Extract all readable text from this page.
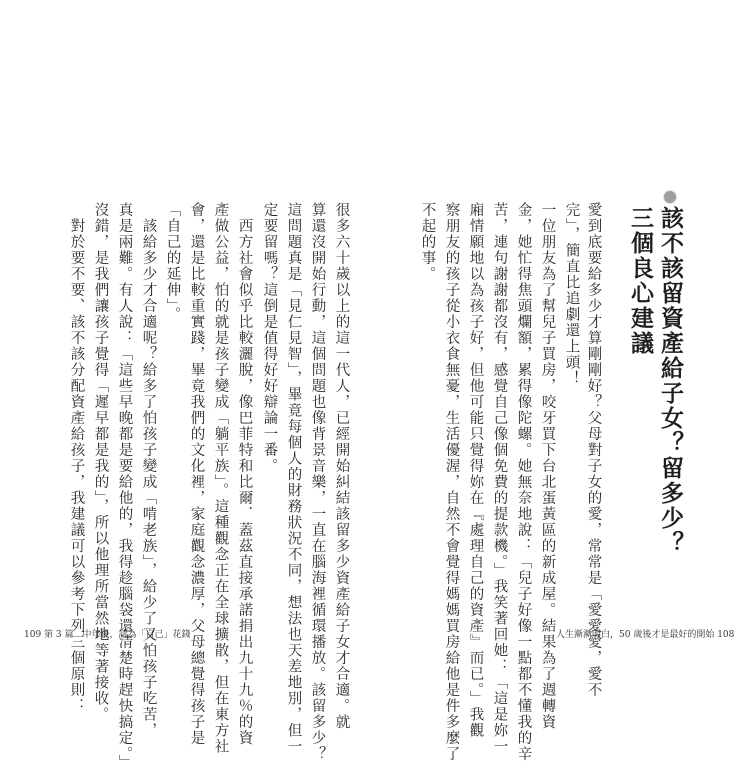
該不該留資產給子女？留多少？
三個良心建議
愛到底要給多少才算剛剛好？父母對子女的愛，常常是「愛愛愛，愛不
完」，簡直比追劇還上頭！
一位朋友為了幫兒子買房，咬牙買下台北蛋黃區的新成屋。結果為了週轉資
金，她忙得焦頭爛額，累得像陀螺。她無奈地說：「兒子好像一點都不懂我的辛
苦，連句謝謝都沒有，感覺自己像個免費的提款機。」我笑著回她：「這是妳一
廂情願地以為孩子好，但他可能只覺得妳在『處理自己的資產』而已。」我觀
察朋友的孩子從小衣食無憂，生活優渥，自然不會覺得媽媽買房給他是件多麼了
不起的事。
人生漸漸明白，50 歲後才是最好的開始 108
很多六十歲以上的這一代人，已經開始糾結該留多少資產給子女才合適。就
算還沒開始行動，這個問題也像背景音樂，一直在腦海裡循環播放。該留多少？
這問題真是「見仁見智」，畢竟每個人的財務狀況不同，想法也天差地別，但一
定要留嗎？這倒是值得好好辯論一番。
西方社會似乎比較灑脫，像巴菲特和比爾．蓋茲直接承諾捐出九十九％的資
產做公益，怕的就是孩子變成「躺平族」。這種觀念正在全球擴散，但在東方社
會，還是比較重實踐，畢竟我們的文化裡，家庭觀念濃厚，父母總覺得孩子是
「自己的延伸」。
該給多少才合適呢？給多了怕孩子變成「啃老族」，給少了又怕孩子吃苦，
真是兩難。有人說：「這些早晚都是要給他的，我得趁腦袋還清楚時趕快搞定。」
沒錯，是我們讓孩子覺得「遲早都是我的」，所以他理所當然地等著接收。
對於要不要、該不該分配資產給孩子，我建議可以參考下列三個原則：
109 第 3 篇　中年後，請為「自己」花錢
